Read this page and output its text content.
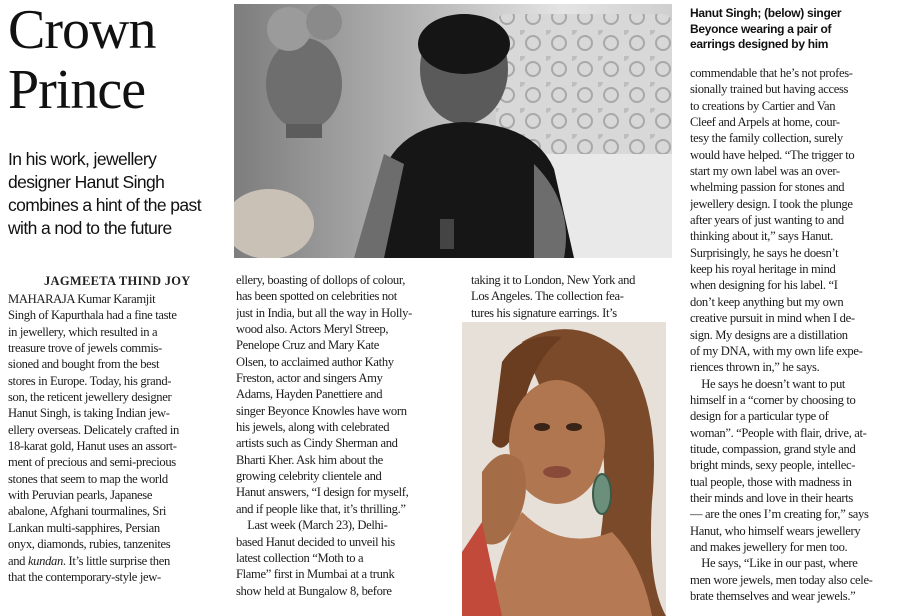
Crown
Prince
In his work, jewellery
designer Hanut Singh
combines a hint of the past
with a nod to the future
JAGMEETA THIND JOY
Hanut Singh; (below) singer
Beyonce wearing a pair of
earrings designed by him
MAHARAJA Kumar Karamjit
Singh of Kapurthala had a fine taste
in jewellery, which resulted in a
treasure trove of jewels commis-
sioned and bought from the best
stores in Europe. Today, his grand-
son, the reticent jewellery designer
Hanut Singh, is taking Indian jew-
ellery overseas. Delicately crafted in
18-karat gold, Hanut uses an assort-
ment of precious and semi-precious
stones that seem to map the world
with Peruvian pearls, Japanese
abalone, Afghani tourmalines, Sri
Lankan multi-sapphires, Persian
onyx, diamonds, rubies, tanzenites
and kundan. It’s little surprise then
that the contemporary-style jew-
ellery, boasting of dollops of colour,
has been spotted on celebrities not
just in India, but all the way in Holly-
wood also. Actors Meryl Streep,
Penelope Cruz and Mary Kate
Olsen, to acclaimed author Kathy
Freston, actor and singers Amy
Adams, Hayden Panettiere and
singer Beyonce Knowles have worn
his jewels, along with celebrated
artists such as Cindy Sherman and
Bharti Kher. Ask him about the
growing celebrity clientele and
Hanut answers, “I design for myself,
and if people like that, it’s thrilling.”
Last week (March 23), Delhi-
based Hanut decided to unveil his
latest collection “Moth to a
Flame” first in Mumbai at a trunk
show held at Bungalow 8, before
taking it to London, New York and
Los Angeles. The collection fea-
tures his signature earrings. It’s
commendable that he’s not profes-
sionally trained but having access
to creations by Cartier and Van
Cleef and Arpels at home, cour-
tesy the family collection, surely
would have helped. “The trigger to
start my own label was an over-
whelming passion for stones and
jewellery design. I took the plunge
after years of just wanting to and
thinking about it,” says Hanut.
Surprisingly, he says he doesn’t
keep his royal heritage in mind
when designing for his label. “I
don’t keep anything but my own
creative pursuit in mind when I de-
sign. My designs are a distillation
of my DNA, with my own life expe-
riences thrown in,” he says.
He says he doesn’t want to put
himself in a “corner by choosing to
design for a particular type of
woman”. “People with flair, drive, at-
titude, compassion, grand style and
bright minds, sexy people, intellec-
tual people, those with madness in
their minds and love in their hearts
— are the ones I’m creating for,” says
Hanut, who himself wears jewellery
and makes jewellery for men too.
He says, “Like in our past, where
men wore jewels, men today also cele-
brate themselves and wear jewels.”
